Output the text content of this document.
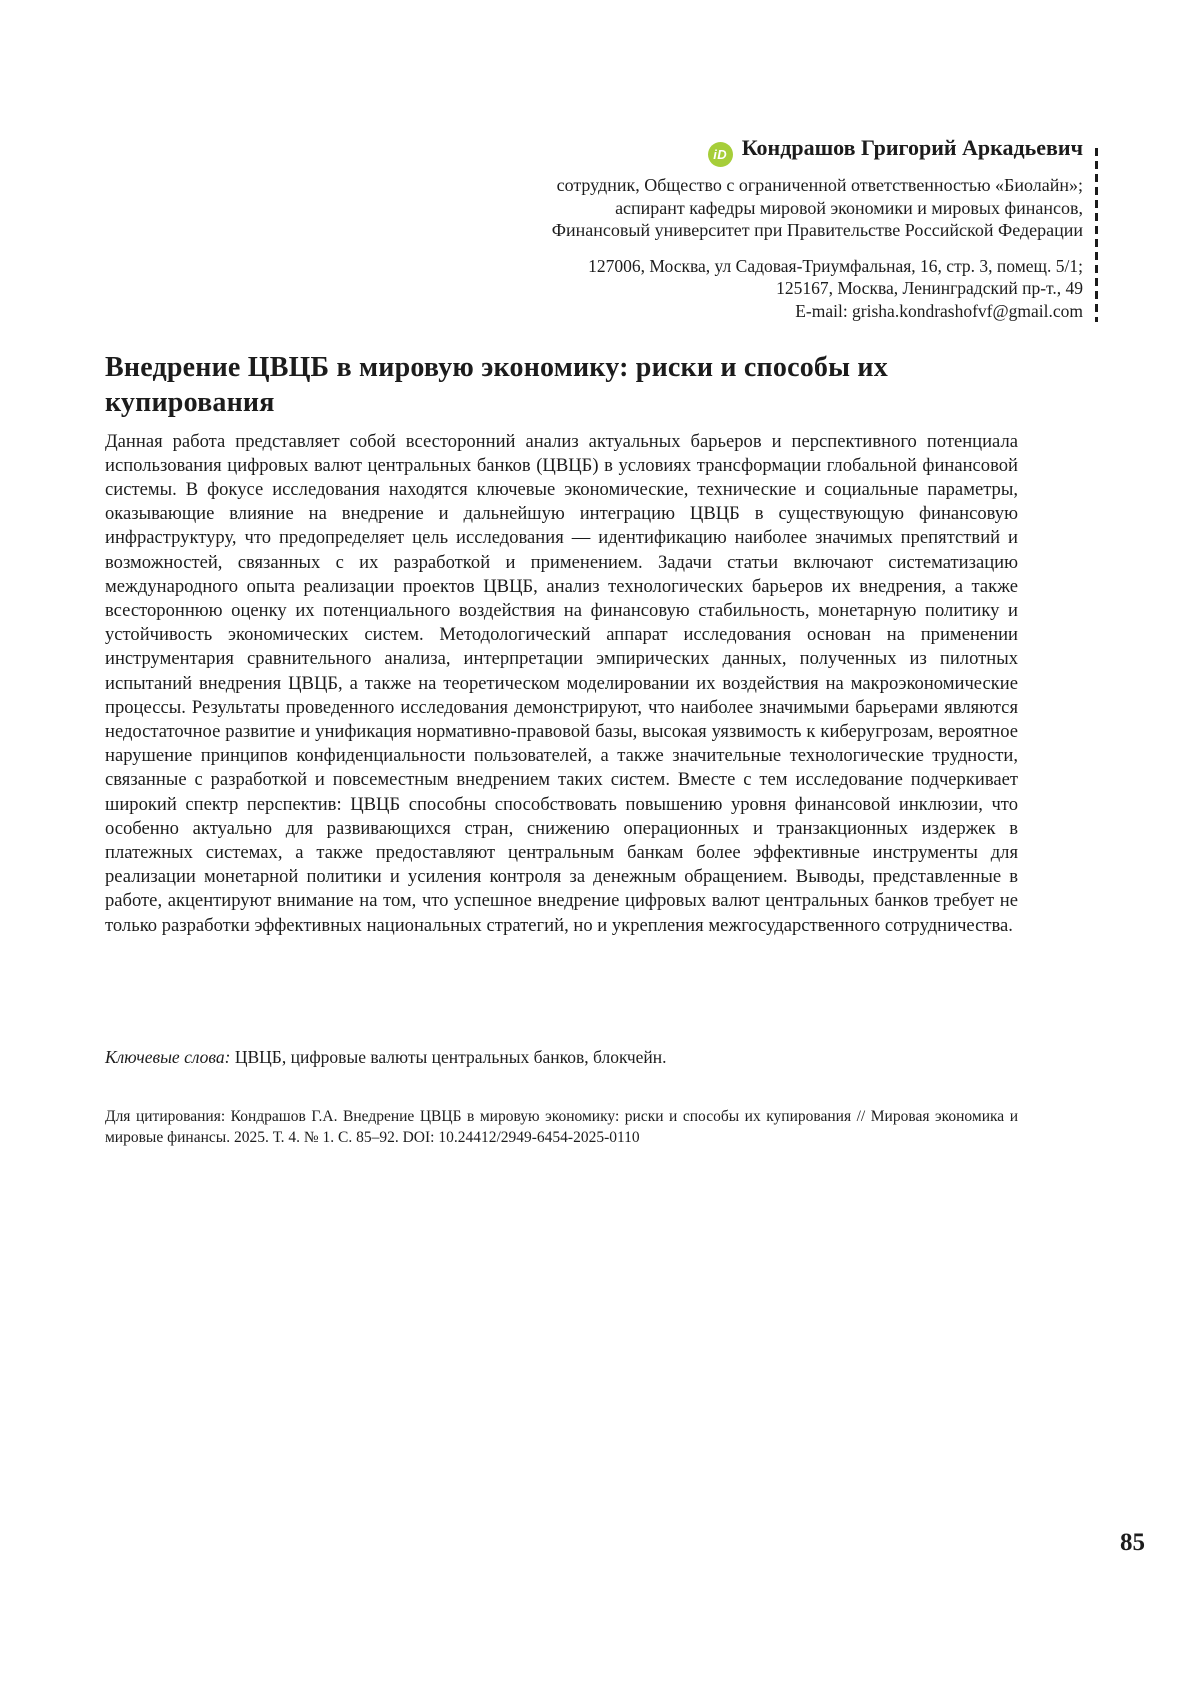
iD Кондрашов Григорий Аркадьевич
сотрудник, Общество с ограниченной ответственностью «Биолайн»;
аспирант кафедры мировой экономики и мировых финансов,
Финансовый университет при Правительстве Российской Федерации
127006, Москва, ул Садовая-Триумфальная, 16, стр. 3, помещ. 5/1;
125167, Москва, Ленинградский пр-т., 49
E-mail: grisha.kondrashofvf@gmail.com
Внедрение ЦВЦБ в мировую экономику: риски и способы их купирования

Данная работа представляет собой всесторонний анализ актуальных барьеров и перспективного потенциала использования цифровых валют центральных банков (ЦВЦБ) в условиях трансформации глобальной финансовой системы. В фокусе исследования находятся ключевые экономические, технические и социальные параметры, оказывающие влияние на внедрение и дальнейшую интеграцию ЦВЦБ в существующую финансовую инфраструктуру, что предопределяет цель исследования — идентификацию наиболее значимых препятствий и возможностей, связанных с их разработкой и применением. Задачи статьи включают систематизацию международного опыта реализации проектов ЦВЦБ, анализ технологических барьеров их внедрения, а также всестороннюю оценку их потенциального воздействия на финансовую стабильность, монетарную политику и устойчивость экономических систем. Методологический аппарат исследования основан на применении инструментария сравнительного анализа, интерпретации эмпирических данных, полученных из пилотных испытаний внедрения ЦВЦБ, а также на теоретическом моделировании их воздействия на макроэкономические процессы. Результаты проведенного исследования демонстрируют, что наиболее значимыми барьерами являются недостаточное развитие и унификация нормативно-правовой базы, высокая уязвимость к киберугрозам, вероятное нарушение принципов конфиденциальности пользователей, а также значительные технологические трудности, связанные с разработкой и повсеместным внедрением таких систем. Вместе с тем исследование подчеркивает широкий спектр перспектив: ЦВЦБ способны способствовать повышению уровня финансовой инклюзии, что особенно актуально для развивающихся стран, снижению операционных и транзакционных издержек в платежных системах, а также предоставляют центральным банкам более эффективные инструменты для реализации монетарной политики и усиления контроля за денежным обращением. Выводы, представленные в работе, акцентируют внимание на том, что успешное внедрение цифровых валют центральных банков требует не только разработки эффективных национальных стратегий, но и укрепления межгосударственного сотрудничества.

Ключевые слова: ЦВЦБ, цифровые валюты центральных банков, блокчейн.

Для цитирования: Кондрашов Г.А. Внедрение ЦВЦБ в мировую экономику: риски и способы их купирования // Мировая экономика и мировые финансы. 2025. Т. 4. № 1. С. 85–92. DOI: 10.24412/2949-6454-2025-0110

85
